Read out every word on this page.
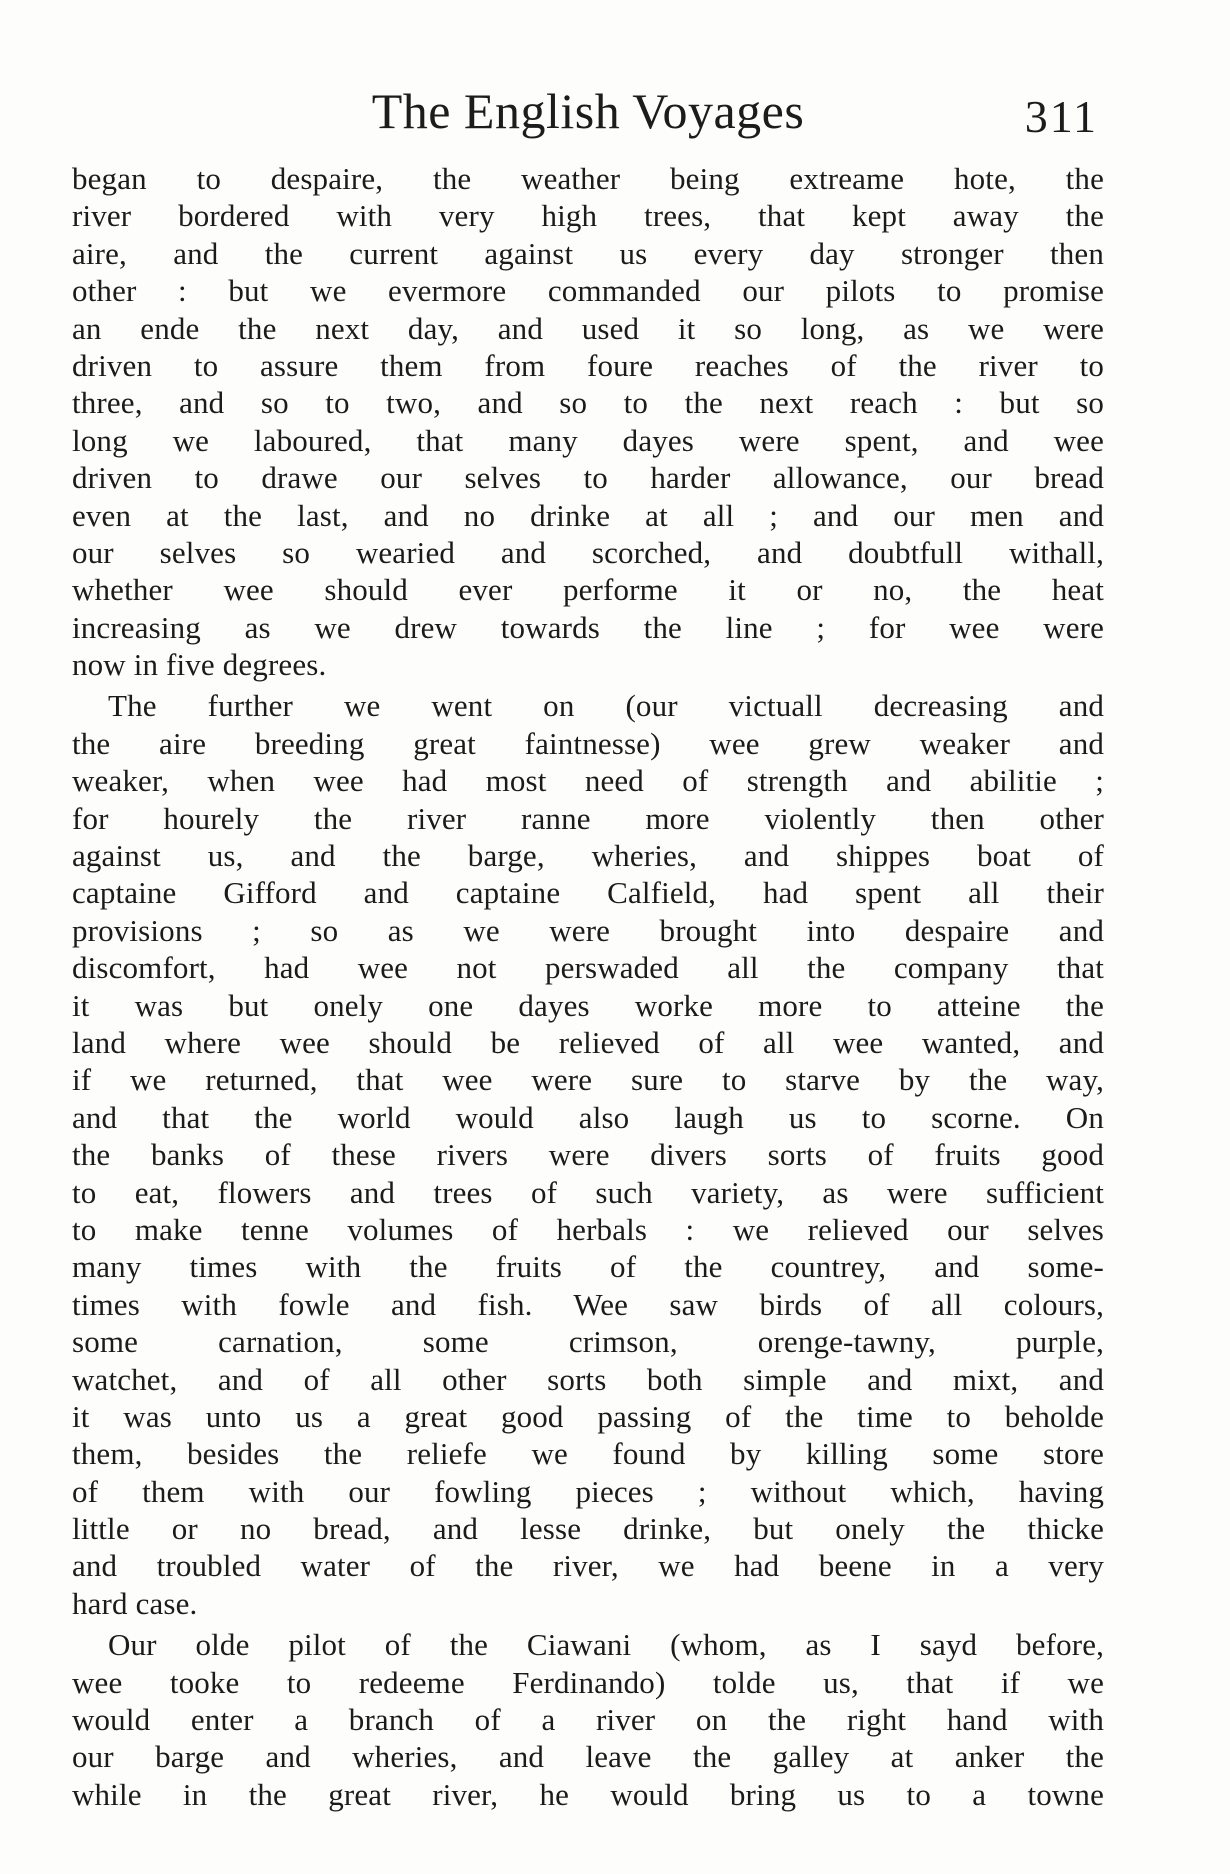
The English Voyages	311
began to despaire, the weather being extreame hote, the
river bordered with very high trees, that kept away the
aire, and the current against us every day stronger then
other : but we evermore commanded our pilots to promise
an ende the next day, and used it so long, as we were
driven to assure them from foure reaches of the river to
three, and so to two, and so to the next reach : but so
long we laboured, that many dayes were spent, and wee
driven to drawe our selves to harder allowance, our bread
even at the last, and no drinke at all ; and our men and
our selves so wearied and scorched, and doubtfull withall,
whether wee should ever performe it or no, the heat
increasing as we drew towards the line ; for wee were
now in five degrees.
The further we went on (our victuall decreasing and
the aire breeding great faintnesse) wee grew weaker and
weaker, when wee had most need of strength and abilitie ;
for hourely the river ranne more violently then other
against us, and the barge, wheries, and shippes boat of
captaine Gifford and captaine Calfield, had spent all their
provisions ; so as we were brought into despaire and
discomfort, had wee not perswaded all the company that
it was but onely one dayes worke more to atteine the
land where wee should be relieved of all wee wanted, and
if we returned, that wee were sure to starve by the way,
and that the world would also laugh us to scorne. On
the banks of these rivers were divers sorts of fruits good
to eat, flowers and trees of such variety, as were sufficient
to make tenne volumes of herbals : we relieved our selves
many times with the fruits of the countrey, and some-
times with fowle and fish. Wee saw birds of all colours,
some carnation, some crimson, orenge-tawny, purple,
watchet, and of all other sorts both simple and mixt, and
it was unto us a great good passing of the time to beholde
them, besides the reliefe we found by killing some store
of them with our fowling pieces ; without which, having
little or no bread, and lesse drinke, but onely the thicke
and troubled water of the river, we had beene in a very
hard case.
Our olde pilot of the Ciawani (whom, as I sayd before,
wee tooke to redeeme Ferdinando) tolde us, that if we
would enter a branch of a river on the right hand with
our barge and wheries, and leave the galley at anker the
while in the great river, he would bring us to a towne
